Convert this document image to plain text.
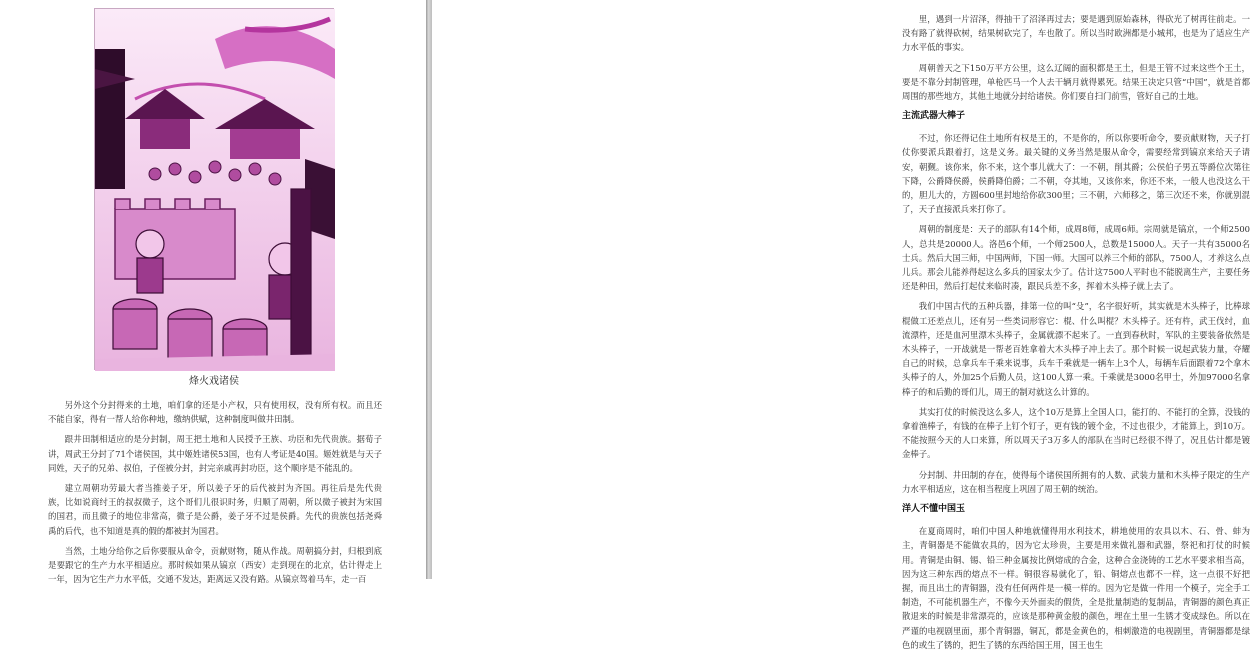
烽火戏诸侯

另外这个分封得来的土地，咱们拿的还是小产权，只有使用权，没有所有权。而且还不能自家，得有一帮人给你种地，缴纳供赋，这种制度叫做井田制。

跟井田制相适应的是分封制，周王把土地和人民授予王族、功臣和先代贵族。据荀子讲，周武王分封了71个诸侯国，其中姬姓诸侯53国，也有人考证是40国。姬姓就是与天子同姓，天子的兄弟、叔伯，子侄被分封，封完亲戚再封功臣，这个顺序是不能乱的。

建立周朝功劳最大者当推姜子牙，所以姜子牙的后代被封为齐国。再往后是先代贵族，比如说商纣王的叔叔微子，这个哥们儿很识时务，归顺了周朝，所以微子被封为宋国的国君，而且微子的地位非常高，微子是公爵，姜子牙不过是侯爵。先代的贵族包括尧舜禹的后代，也不知道是真的假的都被封为国君。

当然，土地分给你之后你要服从命令，贡献财物，随从作战。周朝搞分封，归根到底是要跟它的生产力水平相适应。那时候如果从镐京（西安）走到现在的北京，估计得走上一年，因为它生产力水平低，交通不发达，距离远又没有路。从镐京驾着马车，走一百

里，遇到一片沼泽，得抽干了沼泽再过去；要是遇到原始森林，得砍光了树再往前走。一没有路了就得砍树，结果树砍完了，车也散了。所以当时欧洲都是小城邦，也是为了适应生产力水平低的事实。

周朝普天之下150万平方公里，这么辽阔的面积都是王土，但是王管不过来这些个王土，要是不靠分封制管理，单枪匹马一个人去干辆月就得累死。结果王决定只管“中国”，就是首都周围的那些地方，其他土地就分封给诸侯。你们要自扫门前雪，管好自己的土地。

主流武器大棒子

不过，你还得记住土地所有权是王的，不是你的，所以你要听命令，要贡献财物，天子打仗你要派兵跟着打，这是义务。最关键的义务当然是服从命令，需要经常到镐京来给天子请安，朝觐。该你来，你不来，这个事儿就大了：一不朝，削其爵；公侯伯子男五等爵位次第往下降，公爵降侯爵，侯爵降伯爵；二不朝，夺其地，又该你来，你还不来，一般人也没这么干的，胆儿大的，方圆600里封地给你砍300里；三不朝，六师移之，第三次还不来，你就别混了，天子直接派兵来打你了。

周朝的制度是：天子的部队有14个师，成周8师，成周6师。宗周就是镐京，一个师2500人，总共是20000人。洛邑6个师，一个师2500人，总数是15000人。天子一共有35000名士兵。然后大国三师，中国两师，下国一师。大国可以养三个师的部队，7500人，才养这么点儿兵。那会儿能养得起这么多兵的国家太少了。估计这7500人平时也不能脱离生产，主要任务还是种田，然后打起仗来临时凑，跟民兵差不多，挥着木头棒子就上去了。

我们中国古代的五种兵器，排第一位的叫“殳”，名字很好听，其实就是木头棒子，比棒球棍做工还差点儿，还有另一些类词形容它：棍、什么叫棍？木头棒子。还有杵，武王伐纣，血流漂杵，还是血河里漂木头棒子，金属就漂不起来了。一直到春秋时，军队的主要装备依然是木头棒子，一开战就是一帮老百姓拿着大木头棒子冲上去了。那个时候一说起武装力量，夺耀自己的时候，总拿兵车千乘来说事，兵车千乘就是一辆车上3个人，每辆车后面跟着72个拿木头棒子的人，外加25个后勤人员，这100人算一乘。千乘就是3000名甲士，外加97000名拿棒子的和后勤的哥们儿，周王的制对就这么计算的。

其实打仗的时候没这么多人，这个10万是算上全国人口，能打的、不能打的全算，没钱的拿着渔棒子，有钱的在棒子上钉个钉子，更有钱的镀个金，不过也很少，才能算上，到10万。不能按照今天的人口来算，所以周天子3万多人的部队在当时已经很不得了，况且估计都是镀金棒子。

分封制、井田制的存在，使得每个诸侯国所拥有的人数、武装力量和木头棒子限定的生产力水平相适应，这在相当程度上巩固了周王朝的统治。

洋人不懂中国玉

在夏商周时，咱们中国人种地就懂得用水利技术，耕地使用的农具以木、石、骨、蚌为主，青铜器是不能做农具的，因为它太珍贵，主要是用来做礼器和武器，祭祀和打仗的时候用。青铜是由铜、锡、铅三种金属按比例熔成的合金，这种合金浇铸的工艺水平要求相当高，因为这三种东西的熔点不一样。铜很容易就化了，铅、铜熔点也都不一样，这一点很不好把握，而且出土的青铜器，没有任何两件是一模一样的。因为它是做一件用一个模子，完全手工制造，不可能机器生产，不像今天外面卖的假货，全是批量制造的复制品，青铜器的颜色真正散退来的时候是非常漂亮的，应该是那种黄金般的颜色，埋在土里一生锈才变成绿色。所以在严谨的电视剧里面，那个青铜器，铜瓦，都是金黄色的，相刺激造的电视剧里，青铜器都是绿色的或生了锈的，把生了锈的东西给国王用，国王也生
